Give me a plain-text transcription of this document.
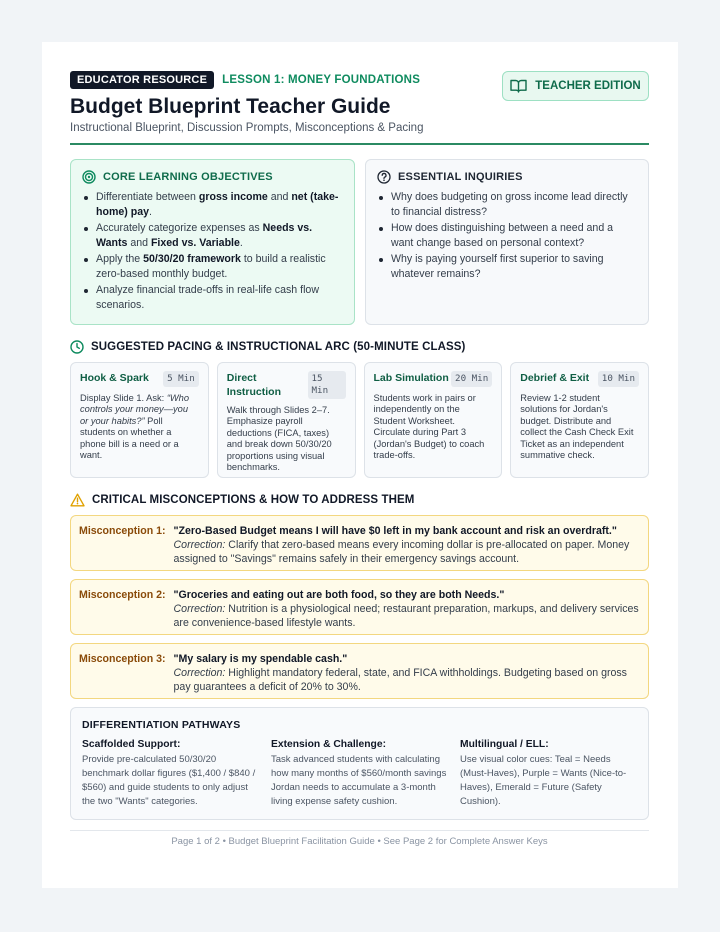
EDUCATOR RESOURCE	LESSON 1: MONEY FOUNDATIONS	TEACHER EDITION
Budget Blueprint Teacher Guide
Instructional Blueprint, Discussion Prompts, Misconceptions & Pacing
CORE LEARNING OBJECTIVES
Differentiate between gross income and net (take-home) pay.
Accurately categorize expenses as Needs vs. Wants and Fixed vs. Variable.
Apply the 50/30/20 framework to build a realistic zero-based monthly budget.
Analyze financial trade-offs in real-life cash flow scenarios.
ESSENTIAL INQUIRIES
Why does budgeting on gross income lead directly to financial distress?
How does distinguishing between a need and a want change based on personal context?
Why is paying yourself first superior to saving whatever remains?
SUGGESTED PACING & INSTRUCTIONAL ARC (50-MINUTE CLASS)
Hook & Spark	5 Min
Display Slide 1. Ask: “Who controls your money—you or your habits?” Poll students on whether a phone bill is a need or a want.
Direct Instruction
15 Min
Walk through Slides 2–7. Emphasize payroll deductions (FICA, taxes) and break down 50/30/20 proportions using visual benchmarks.
Lab Simulation 20 Min
Students work in pairs or independently on the Student Worksheet. Circulate during Part 3 (Jordan's Budget) to coach trade-offs.
Debrief & Exit	10 Min
Review 1-2 student solutions for Jordan's budget. Distribute and collect the Cash Check Exit Ticket as an independent summative check.
CRITICAL MISCONCEPTIONS & HOW TO ADDRESS THEM
Misconception 1: "Zero-Based Budget means I will have $0 left in my bank account and risk an overdraft."
Correction: Clarify that zero-based means every incoming dollar is pre-allocated on paper. Money assigned to "Savings" remains safely in their emergency savings account.
Misconception 2: "Groceries and eating out are both food, so they are both Needs."
Correction: Nutrition is a physiological need; restaurant preparation, markups, and delivery services are convenience-based lifestyle wants.
Misconception 3: "My salary is my spendable cash."
Correction: Highlight mandatory federal, state, and FICA withholdings. Budgeting based on gross pay guarantees a deficit of 20% to 30%.
DIFFERENTIATION PATHWAYS
Scaffolded Support:
Provide pre-calculated 50/30/20 benchmark dollar figures ($1,400 / $840 / $560) and guide students to only adjust the two "Wants" categories.
Extension & Challenge:
Task advanced students with calculating how many months of $560/month savings Jordan needs to accumulate a 3-month living expense safety cushion.
Multilingual / ELL:
Use visual color cues: Teal = Needs (Must-Haves), Purple = Wants (Nice-to-Haves), Emerald = Future (Safety Cushion).
Page 1 of 2 • Budget Blueprint Facilitation Guide • See Page 2 for Complete Answer Keys
